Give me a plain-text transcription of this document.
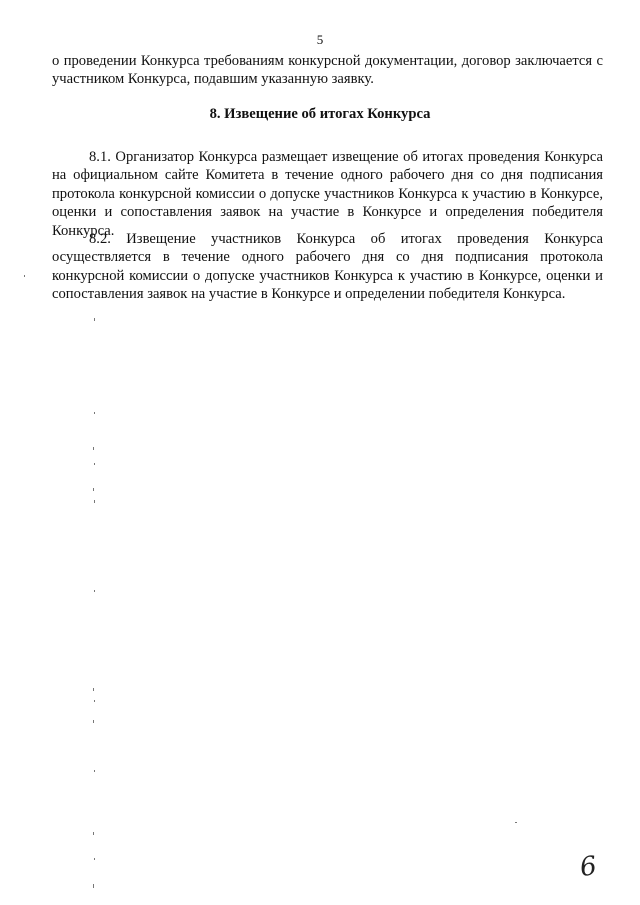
5
о проведении Конкурса требованиям конкурсной документации, договор заключается с участником Конкурса, подавшим указанную заявку.
8. Извещение об итогах Конкурса
8.1. Организатор Конкурса размещает извещение об итогах проведения Конкурса на официальном сайте Комитета в течение одного рабочего дня со дня подписания протокола конкурсной комиссии о допуске участников Конкурса к участию в Конкурсе, оценки и сопоставления заявок на участие в Конкурсе и определения победителя Конкурса.
8.2. Извещение участников Конкурса об итогах проведения Конкурса осуществляется в течение одного рабочего дня со дня подписания протокола конкурсной комиссии о допуске участников Конкурса к участию в Конкурсе, оценки и сопоставления заявок на участие в Конкурсе и определении победителя Конкурса.
6
